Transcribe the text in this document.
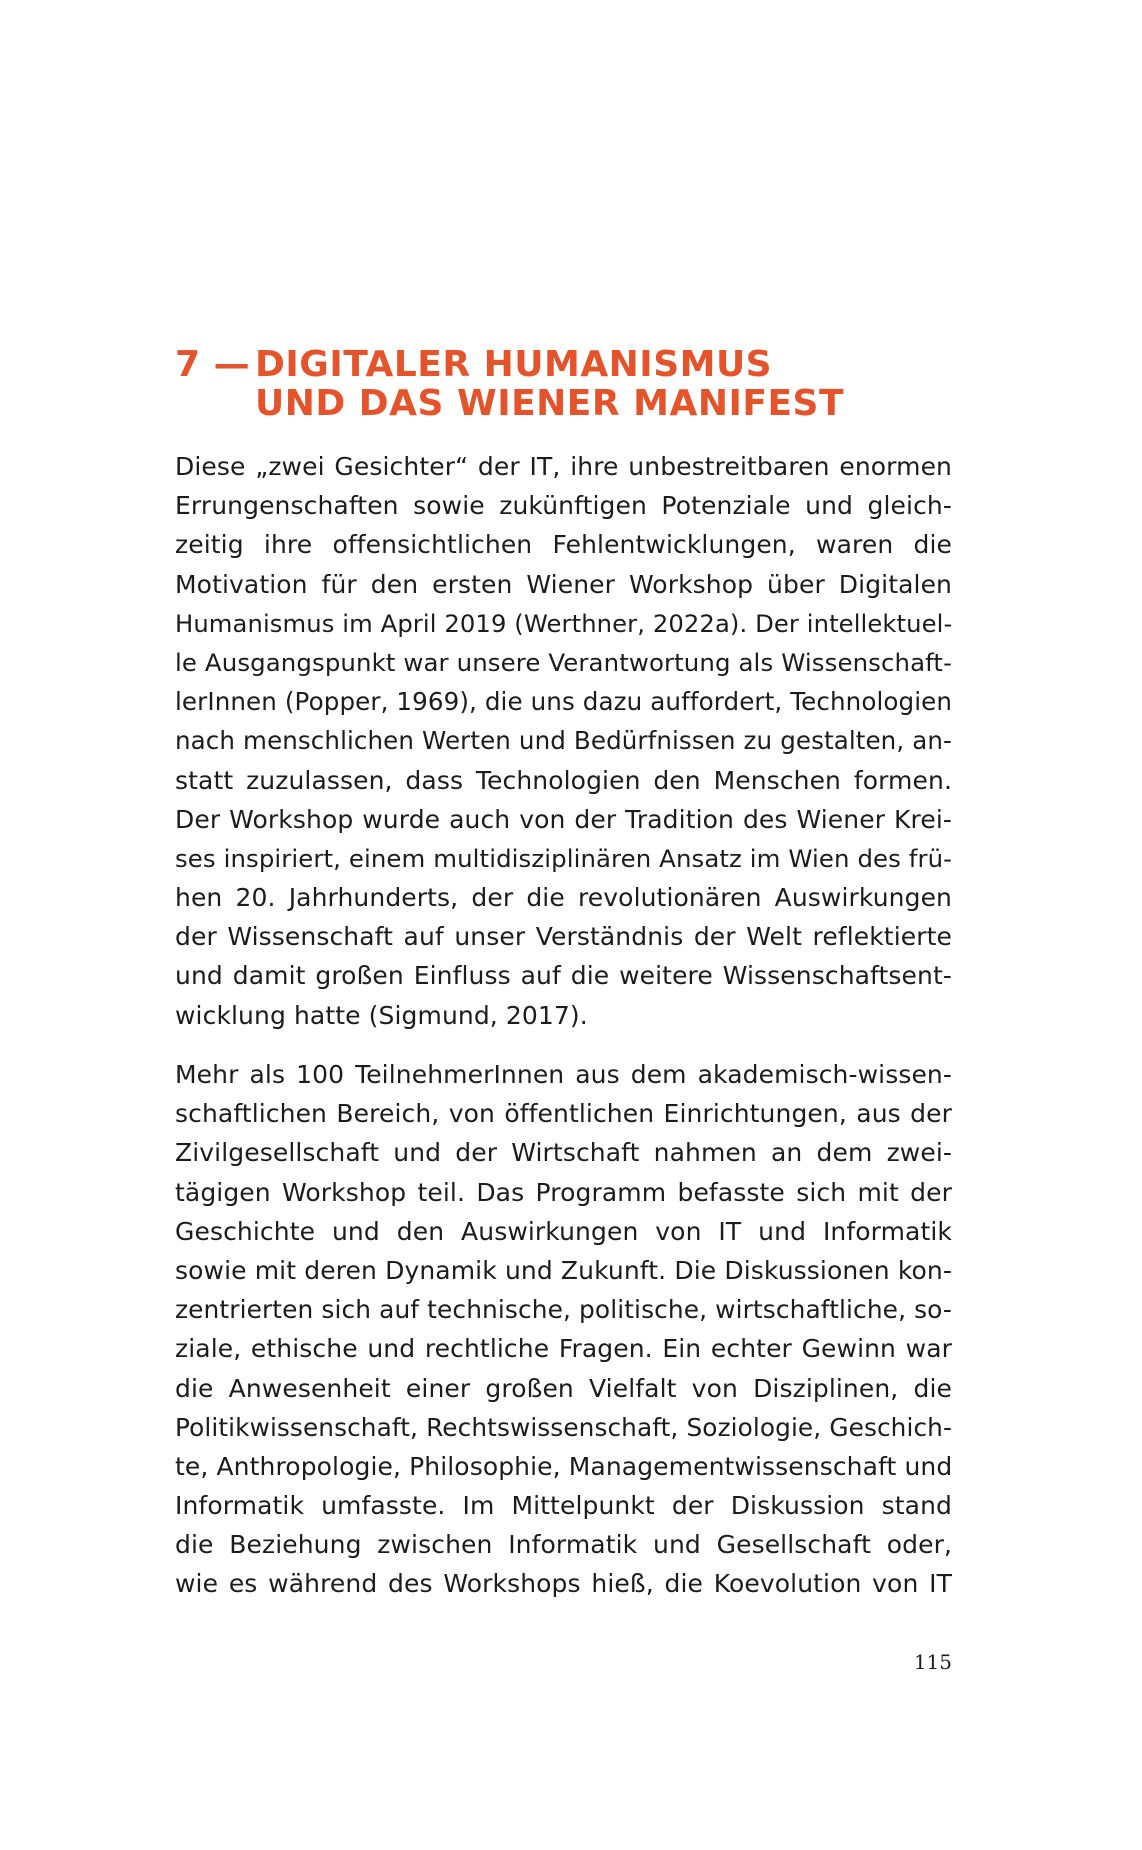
7 — DIGITALER HUMANISMUS
UND DAS WIENER MANIFEST

Diese „zwei Gesichter“ der IT, ihre unbestreitbaren enormen
Errungenschaften sowie zukünftigen Potenziale und gleich-
zeitig ihre offensichtlichen Fehlentwicklungen, waren die
Motivation für den ersten Wiener Workshop über Digitalen
Humanismus im April 2019 (Werthner, 2022a). Der intellektuel-
le Ausgangspunkt war unsere Verantwortung als Wissenschaft-
lerInnen (Popper, 1969), die uns dazu auffordert, Technologien
nach menschlichen Werten und Bedürfnissen zu gestalten, an-
statt zuzulassen, dass Technologien den Menschen formen.
Der Workshop wurde auch von der Tradition des Wiener Krei-
ses inspiriert, einem multidisziplinären Ansatz im Wien des frü-
hen 20. Jahrhunderts, der die revolutionären Auswirkungen
der Wissenschaft auf unser Verständnis der Welt reflektierte
und damit großen Einfluss auf die weitere Wissenschaftsent-
wicklung hatte (Sigmund, 2017).

Mehr als 100 TeilnehmerInnen aus dem akademisch-wissen-
schaftlichen Bereich, von öffentlichen Einrichtungen, aus der
Zivilgesellschaft und der Wirtschaft nahmen an dem zwei-
tägigen Workshop teil. Das Programm befasste sich mit der
Geschichte und den Auswirkungen von IT und Informatik
sowie mit deren Dynamik und Zukunft. Die Diskussionen kon-
zentrierten sich auf technische, politische, wirtschaftliche, so-
ziale, ethische und rechtliche Fragen. Ein echter Gewinn war
die Anwesenheit einer großen Vielfalt von Disziplinen, die
Politikwissenschaft, Rechtswissenschaft, Soziologie, Geschich-
te, Anthropologie, Philosophie, Managementwissenschaft und
Informatik umfasste. Im Mittelpunkt der Diskussion stand
die Beziehung zwischen Informatik und Gesellschaft oder,
wie es während des Workshops hieß, die Koevolution von IT

115
